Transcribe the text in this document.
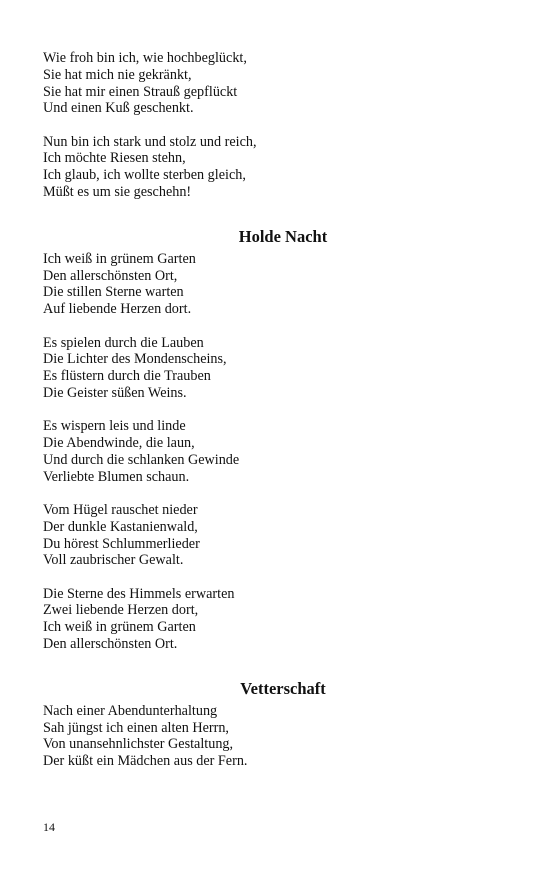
Wie froh bin ich, wie hochbeglückt,
Sie hat mich nie gekränkt,
Sie hat mir einen Strauß gepflückt
Und einen Kuß geschenkt.
Nun bin ich stark und stolz und reich,
Ich möchte Riesen stehn,
Ich glaub, ich wollte sterben gleich,
Müßt es um sie geschehn!
Holde Nacht
Ich weiß in grünem Garten
Den allerschönsten Ort,
Die stillen Sterne warten
Auf liebende Herzen dort.
Es spielen durch die Lauben
Die Lichter des Mondenscheins,
Es flüstern durch die Trauben
Die Geister süßen Weins.
Es wispern leis und linde
Die Abendwinde, die laun,
Und durch die schlanken Gewinde
Verliebte Blumen schaun.
Vom Hügel rauschet nieder
Der dunkle Kastanienwald,
Du hörest Schlummerlieder
Voll zaubrischer Gewalt.
Die Sterne des Himmels erwarten
Zwei liebende Herzen dort,
Ich weiß in grünem Garten
Den allerschönsten Ort.
Vetterschaft
Nach einer Abendunterhaltung
Sah jüngst ich einen alten Herrn,
Von unansehnlichster Gestaltung,
Der küßt ein Mädchen aus der Fern.
14
